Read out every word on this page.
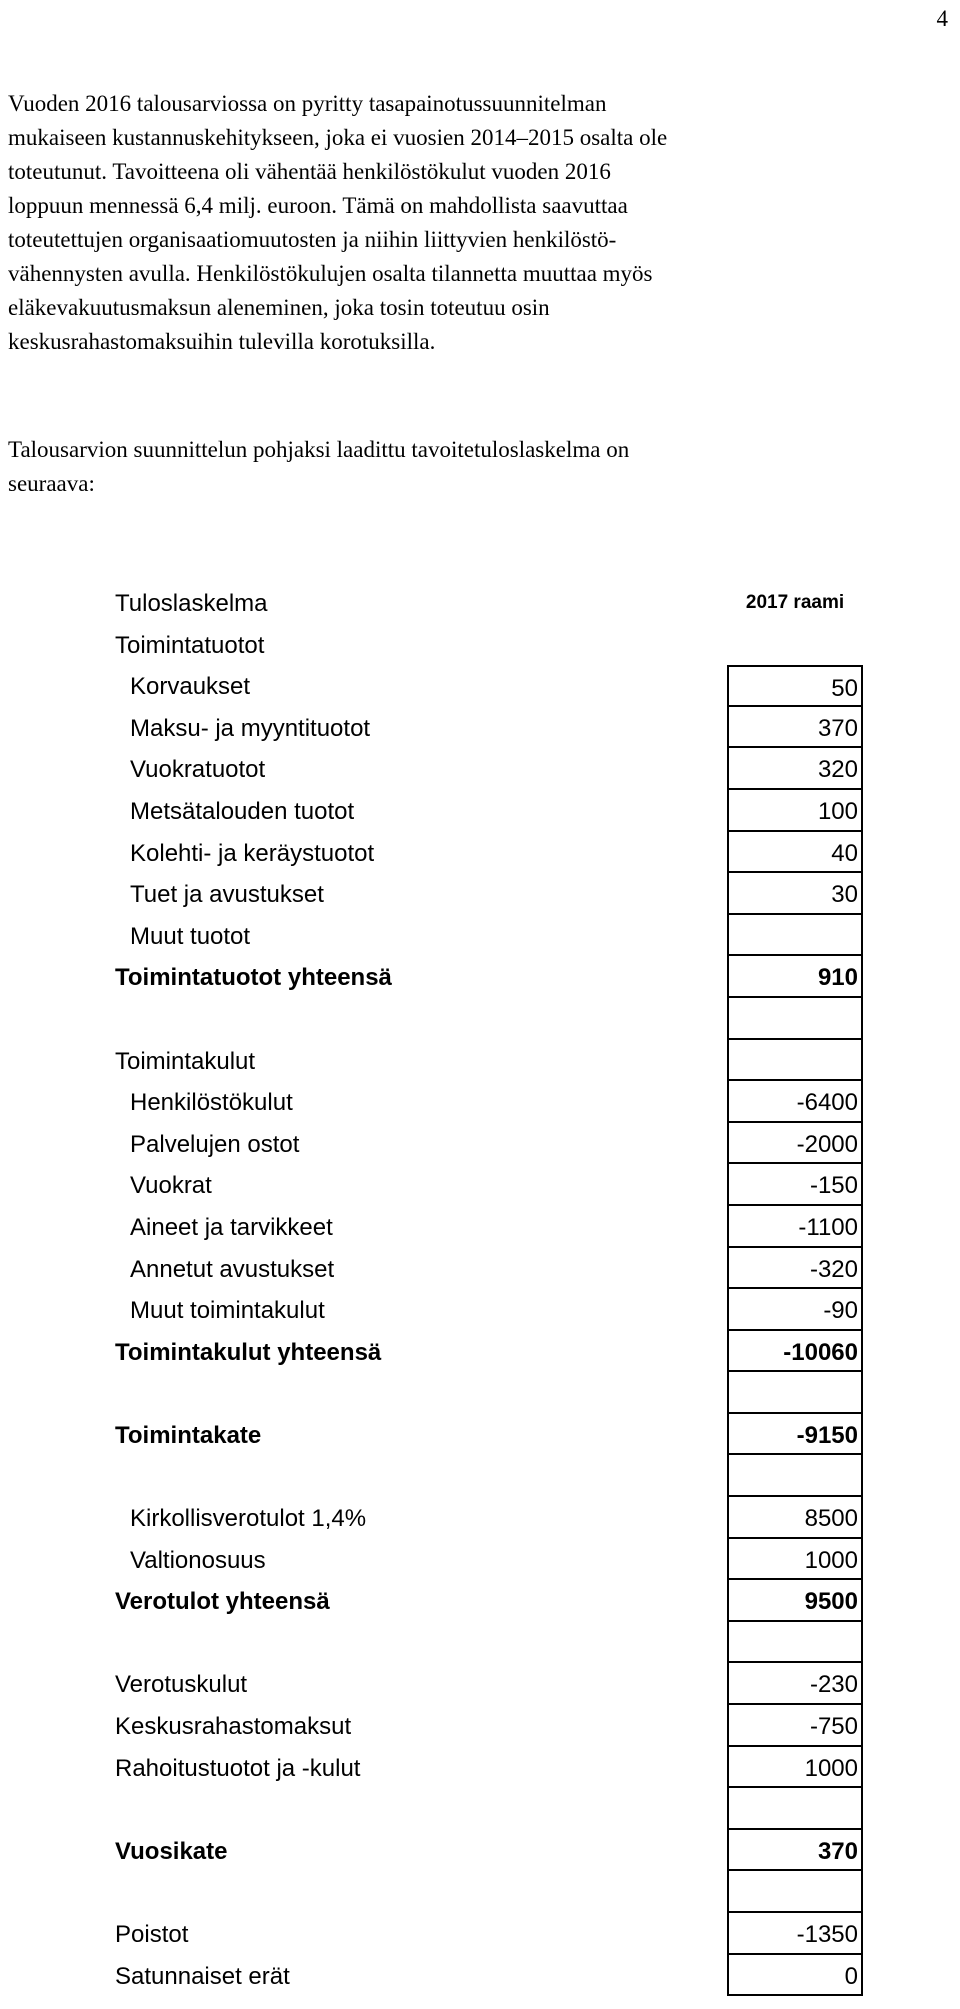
4
Vuoden 2016 talousarviossa on pyritty tasapainotussuunnitelman
mukaiseen kustannuskehitykseen, joka ei vuosien 2014–2015 osalta ole
toteutunut. Tavoitteena oli vähentää henkilöstökulut vuoden 2016
loppuun mennessä 6,4 milj. euroon. Tämä on mahdollista saavuttaa
toteutettujen organisaatiomuutosten ja niihin liittyvien henkilöstö-
vähennysten avulla. Henkilöstökulujen osalta tilannetta muuttaa myös
eläkevakuutusmaksun aleneminen, joka tosin toteutuu osin
keskusrahastomaksuihin tulevilla korotuksilla.
Talousarvion suunnittelun pohjaksi laadittu tavoitetuloslaskelma on
seuraava:
Tuloslaskelma	2017 raami
Toimintatuotot
Korvaukset	50
Maksu- ja myyntituotot	370
Vuokratuotot	320
Metsätalouden tuotot	100
Kolehti- ja keräystuotot	40
Tuet ja avustukset	30
Muut tuotot
Toimintatuotot yhteensä	910
Toimintakulut
Henkilöstökulut	-6400
Palvelujen ostot	-2000
Vuokrat	-150
Aineet ja tarvikkeet	-1100
Annetut avustukset	-320
Muut toimintakulut	-90
Toimintakulut yhteensä	-10060
Toimintakate	-9150
Kirkollisverotulot 1,4%	8500
Valtionosuus	1000
Verotulot yhteensä	9500
Verotuskulut	-230
Keskusrahastomaksut	-750
Rahoitustuotot ja -kulut	1000
Vuosikate	370
Poistot	-1350
Satunnaiset erät	0
